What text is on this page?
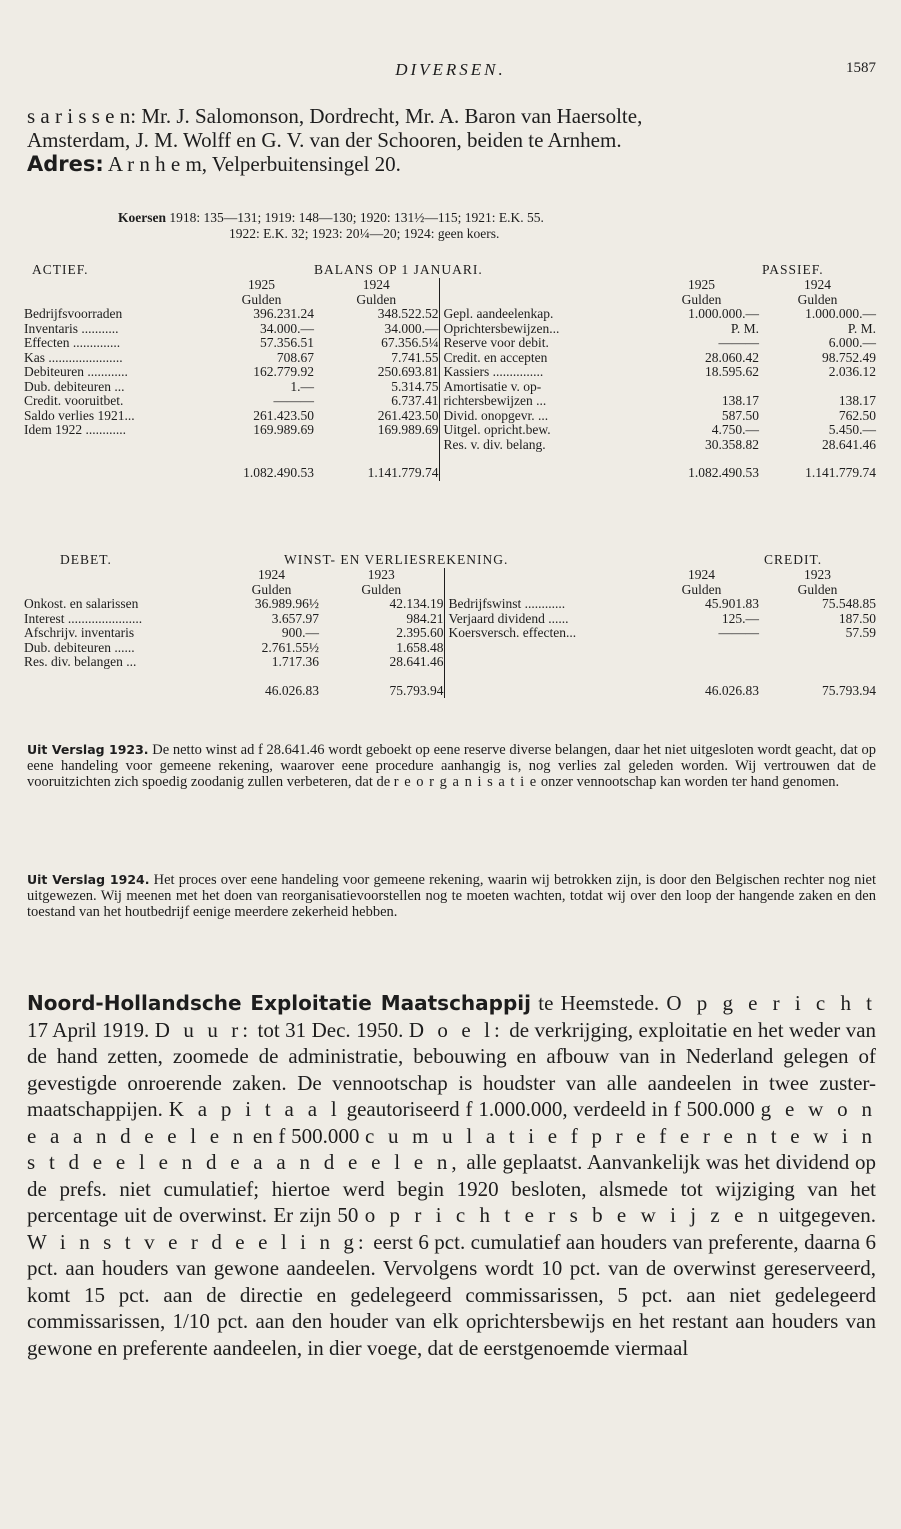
DIVERSEN.	1587

s a r i s s e n: Mr. J. Salomonson, Dordrecht, Mr. A. Baron van Haersolte,

Amsterdam, J. M. Wolff en G. V. van der Schooren, beiden te Arnhem.

Adres: A r n h e m, Velperbuitensingel 20.

Koersen 1918: 135—131; 1919: 148—130; 1920: 131½—115; 1921: E.K. 55.
1922: E.K. 32; 1923: 20¼—20; 1924: geen koers.
ACTIEF.	BALANS OP 1 JANUARI.	PASSIEF.
	1925	1924		1925	1924
	Gulden	Gulden		Gulden	Gulden
Bedrijfsvoorraden	396.231.24	348.522.52	Gepl. aandeelenkap.	1.000.000.—	1.000.000.—
Inventaris ...........	34.000.—	34.000.—	Oprichtersbewijzen...	P. M.	P. M.
Effecten ..............	57.356.51	67.356.5¼	Reserve voor debit.	———	6.000.—
Kas ......................	708.67	7.741.55	Credit. en accepten	28.060.42	98.752.49
Debiteuren ............	162.779.92	250.693.81	Kassiers ...............	18.595.62	2.036.12
Dub. debiteuren ...	1.—	5.314.75	Amortisatie v. op-		
Credit. vooruitbet.	———	6.737.41	richtersbewijzen ...	138.17	138.17
Saldo verlies 1921...	261.423.50	261.423.50	Divid. onopgevr. ...	587.50	762.50
Idem 1922 ............	169.989.69	169.989.69	Uitgel. opricht.bew.	4.750.—	5.450.—
			Res. v. div. belang.	30.358.82	28.641.46

	1.082.490.53	1.141.779.74		1.082.490.53	1.141.779.74
DEBET.	WINST- EN VERLIESREKENING.	CREDIT.
	1924	1923		1924	1923
	Gulden	Gulden		Gulden	Gulden
Onkost. en salarissen	36.989.96½	42.134.19	Bedrijfswinst ............	45.901.83	75.548.85
Interest ......................	3.657.97	984.21	Verjaard dividend ......	125.—	187.50
Afschrijv. inventaris	900.—	2.395.60	Koersversch. effecten...	———	57.59
Dub. debiteuren ......	2.761.55½	1.658.48			
Res. div. belangen ...	1.717.36	28.641.46			

	46.026.83	75.793.94		46.026.83	75.793.94
Uit Verslag 1923. De netto winst ad f 28.641.46 wordt geboekt op eene reserve diverse belangen, daar het niet uitgesloten wordt geacht, dat op eene handeling voor gemeene rekening, waarover eene procedure aanhangig is, nog verlies zal geleden worden. Wij vertrouwen dat de vooruitzichten zich spoedig zoodanig zullen verbeteren, dat de r e o r g a n i s a t i e onzer vennootschap kan worden ter hand genomen.
Uit Verslag 1924. Het proces over eene handeling voor gemeene rekening, waarin wij betrokken zijn, is door den Belgischen rechter nog niet uitgewezen. Wij meenen met het doen van reorganisatievoorstellen nog te moeten wachten, totdat wij over den loop der hangende zaken en den toestand van het houtbedrijf eenige meerdere zekerheid hebben.
Noord-Hollandsche Exploitatie Maatschappij te Heemstede. O p g e r i c h t 17 April 1919. D u u r: tot 31 Dec. 1950. D o e l: de verkrijging, exploitatie en het weder van de hand zetten, zoomede de administratie, bebouwing en afbouw van in Nederland gelegen of gevestigde onroerende zaken. De vennootschap is houdster van alle aandeelen in twee zuster-maatschappijen. K a p i t a a l geautoriseerd f 1.000.000, verdeeld in f 500.000 g e w o n e a a n d e e l e n en f 500.000 c u m u l a t i e f p r e f e r e n t e w i n s t d e e l e n d e a a n d e e l e n, alle geplaatst. Aanvankelijk was het dividend op de prefs. niet cumulatief; hiertoe werd begin 1920 besloten, alsmede tot wijziging van het percentage uit de overwinst. Er zijn 50 o p r i c h t e r s b e w i j z e n uitgegeven. W i n s t v e r d e e l i n g: eerst 6 pct. cumulatief aan houders van preferente, daarna 6 pct. aan houders van gewone aandeelen. Vervolgens wordt 10 pct. van de overwinst gereserveerd, komt 15 pct. aan de directie en gedelegeerd commissarissen, 5 pct. aan niet gedelegeerd commissarissen, 1/10 pct. aan den houder van elk oprichtersbewijs en het restant aan houders van gewone en preferente aandeelen, in dier voege, dat de eerstgenoemde viermaal
